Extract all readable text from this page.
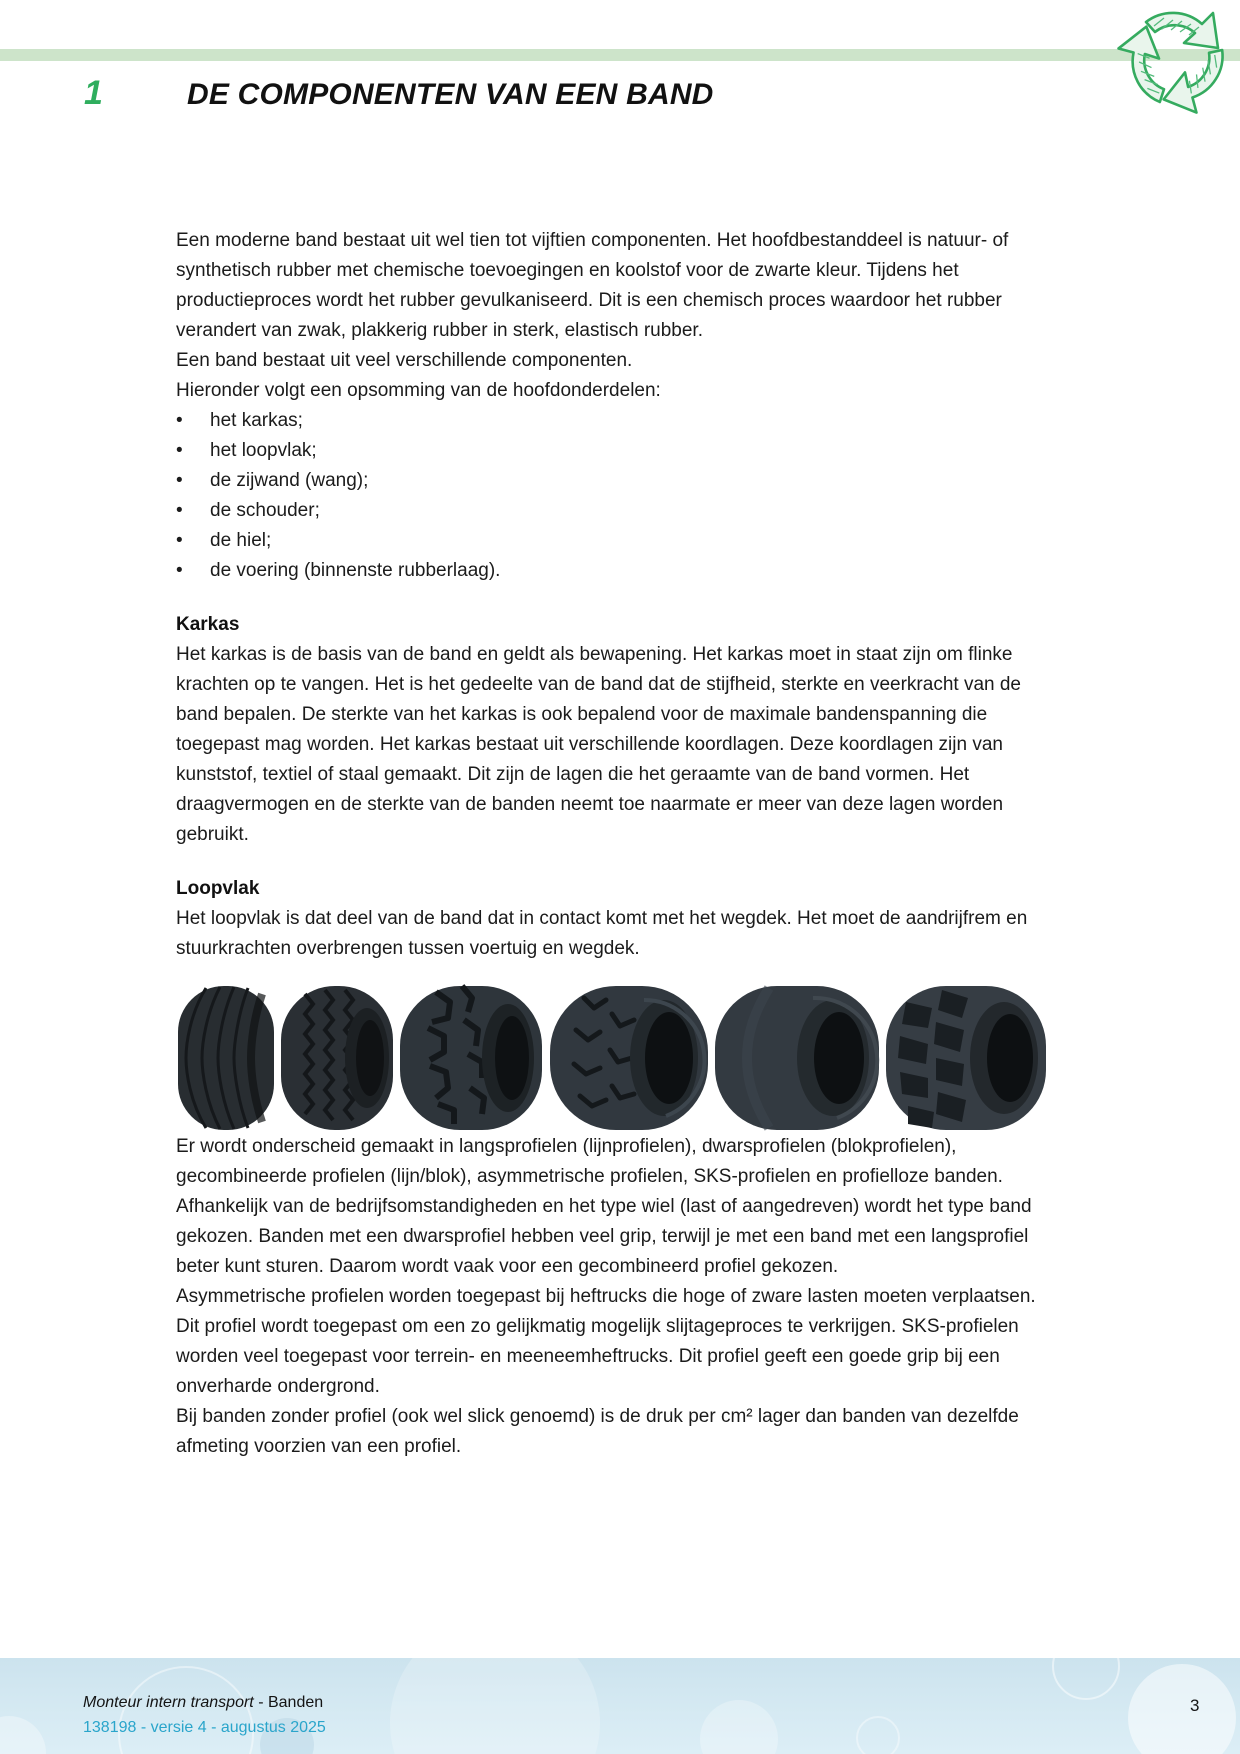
1	DE COMPONENTEN VAN EEN BAND

Een moderne band bestaat uit wel tien tot vijftien componenten. Het hoofdbestanddeel is natuur- of synthetisch rubber met chemische toevoegingen en koolstof voor de zwarte kleur. Tijdens het productieproces wordt het rubber gevulkaniseerd. Dit is een chemisch proces waardoor het rubber verandert van zwak, plakkerig rubber in sterk, elastisch rubber.

Een band bestaat uit veel verschillende componenten.
Hieronder volgt een opsomming van de hoofdonderdelen:

•	het karkas;
•	het loopvlak;
•	de zijwand (wang);
•	de schouder;
•	de hiel;
•	de voering (binnenste rubberlaag).
Karkas

Het karkas is de basis van de band en geldt als bewapening. Het karkas moet in staat zijn om flinke krachten op te vangen. Het is het gedeelte van de band dat de stijfheid, sterkte en veerkracht van de band bepalen. De sterkte van het karkas is ook bepalend voor de maximale bandenspanning die toegepast mag worden. Het karkas bestaat uit verschillende koordlagen. Deze koordlagen zijn van kunststof, textiel of staal gemaakt. Dit zijn de lagen die het geraamte van de band vormen. Het draagvermogen en de sterkte van de banden neemt toe naarmate er meer van deze lagen worden gebruikt.

Loopvlak

Het loopvlak is dat deel van de band dat in contact komt met het wegdek. Het moet de aandrijfrem en stuurkrachten overbrengen tussen voertuig en wegdek.

Er wordt onderscheid gemaakt in langsprofielen (lijnprofielen), dwarsprofielen (blokprofielen), gecombineerde profielen (lijn/blok), asymmetrische profielen, SKS-profielen en profielloze banden. Afhankelijk van de bedrijfsomstandigheden en het type wiel (last of aangedreven) wordt het type band gekozen. Banden met een dwarsprofiel hebben veel grip, terwijl je met een band met een langsprofiel beter kunt sturen. Daarom wordt vaak voor een gecombineerd profiel gekozen.

Asymmetrische profielen worden toegepast bij heftrucks die hoge of zware lasten moeten verplaatsen. Dit profiel wordt toegepast om een zo gelijkmatig mogelijk slijtageproces te verkrijgen. SKS-profielen worden veel toegepast voor terrein- en meeneemheftrucks. Dit profiel geeft een goede grip bij een onverharde ondergrond.

Bij banden zonder profiel (ook wel slick genoemd) is de druk per cm² lager dan banden van dezelfde afmeting voorzien van een profiel.

Monteur intern transport - Banden
138198 - versie 4 - augustus 2025
3
